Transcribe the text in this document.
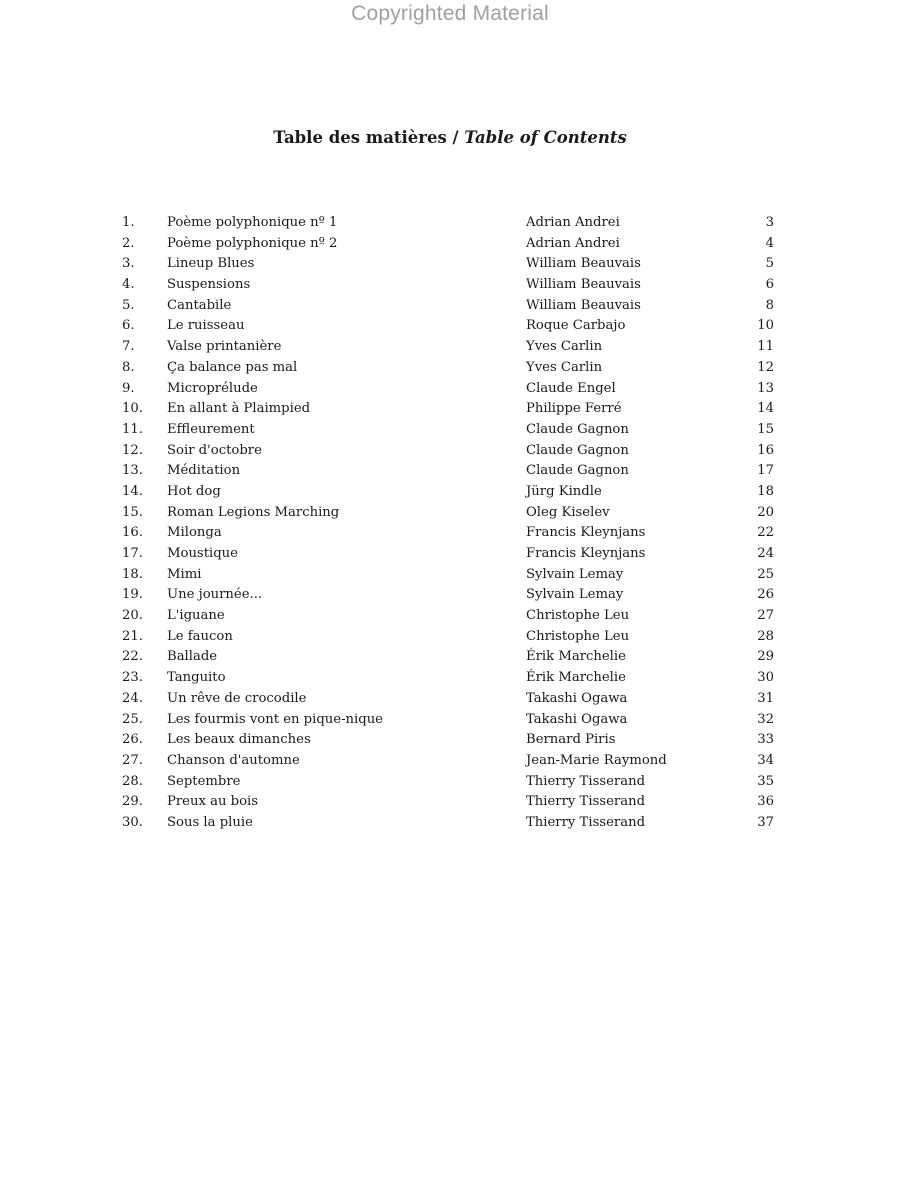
Copyrighted Material
Table des matières / Table of Contents
1. Poème polyphonique nº 1	Adrian Andrei	3
2. Poème polyphonique nº 2	Adrian Andrei	4
3. Lineup Blues	William Beauvais	5
4. Suspensions	William Beauvais	6
5. Cantabile	William Beauvais	8
6. Le ruisseau	Roque Carbajo	10
7. Valse printanière	Yves Carlin	11
8. Ça balance pas mal	Yves Carlin	12
9. Microprélude	Claude Engel	13
10. En allant à Plaimpied	Philippe Ferré	14
11. Effleurement	Claude Gagnon	15
12. Soir d'octobre	Claude Gagnon	16
13. Méditation	Claude Gagnon	17
14. Hot dog	Jürg Kindle	18
15. Roman Legions Marching	Oleg Kiselev	20
16. Milonga	Francis Kleynjans	22
17. Moustique	Francis Kleynjans	24
18. Mimi	Sylvain Lemay	25
19. Une journée...	Sylvain Lemay	26
20. L'iguane	Christophe Leu	27
21. Le faucon	Christophe Leu	28
22. Ballade	Érik Marchelie	29
23. Tanguito	Érik Marchelie	30
24. Un rêve de crocodile	Takashi Ogawa	31
25. Les fourmis vont en pique-nique	Takashi Ogawa	32
26. Les beaux dimanches	Bernard Piris	33
27. Chanson d'automne	Jean-Marie Raymond	34
28. Septembre	Thierry Tisserand	35
29. Preux au bois	Thierry Tisserand	36
30. Sous la pluie	Thierry Tisserand	37
